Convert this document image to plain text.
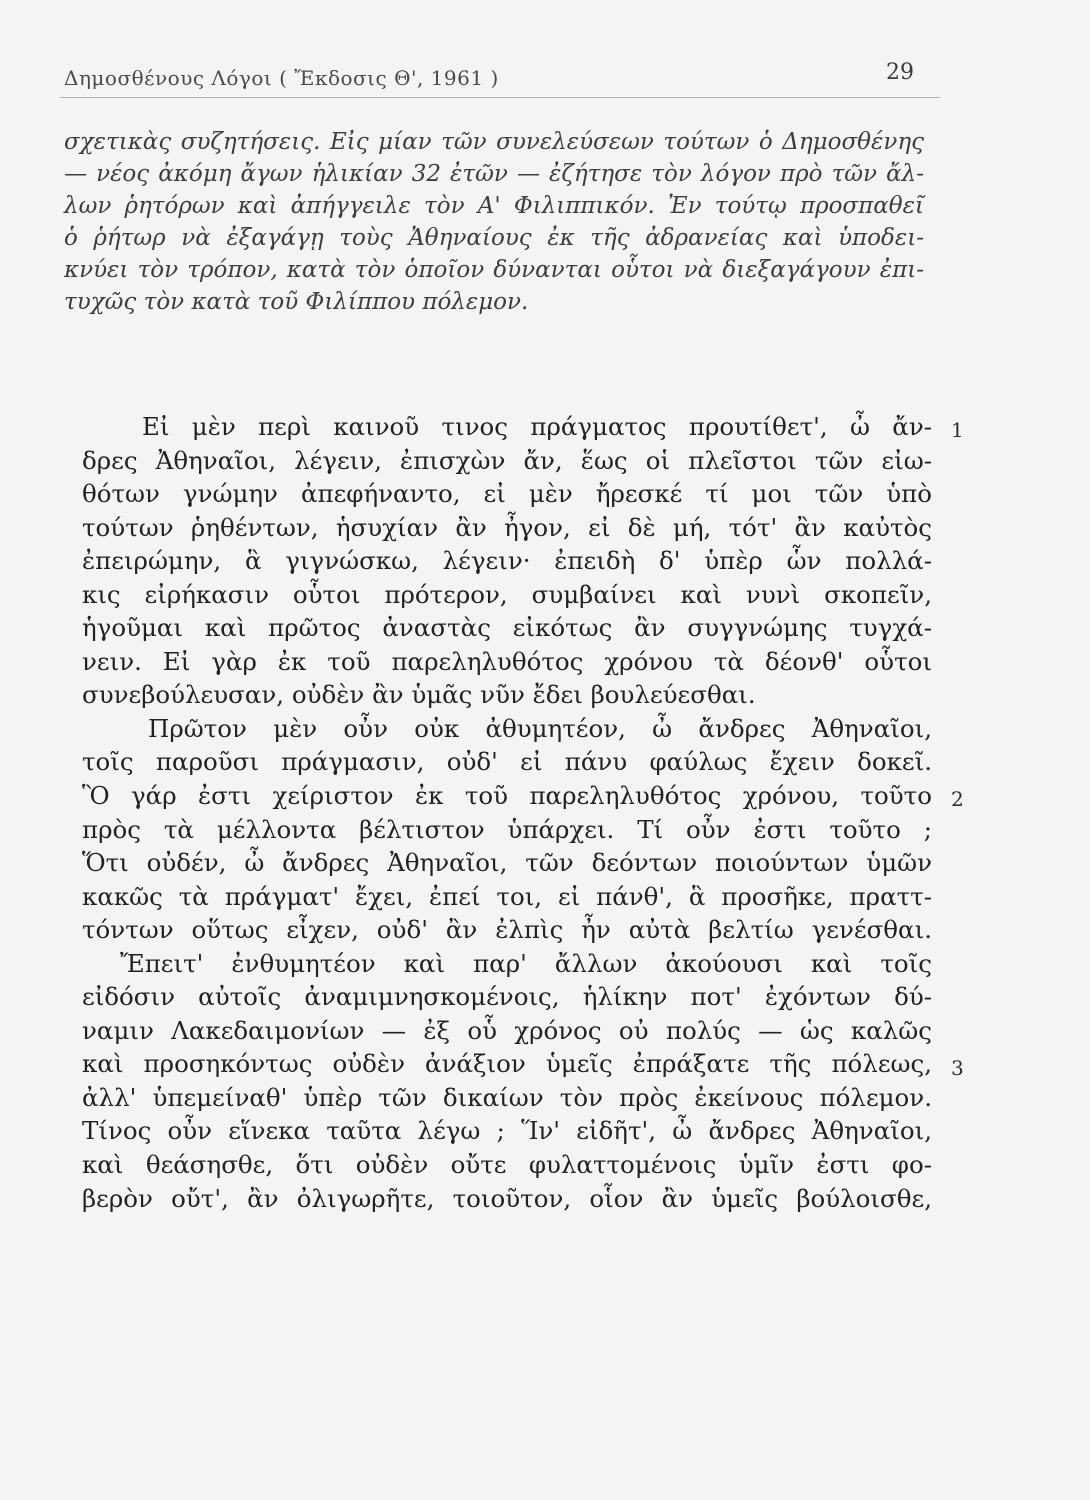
Δημοσθένους Λόγοι ( Ἔκδοσις Θ', 1961 )	29
σχετικὰς συζητήσεις. Εἰς μίαν τῶν συνελεύσεων τούτων ὁ Δημοσθένης
— νέος ἀκόμη ἄγων ἡλικίαν 32 ἐτῶν — ἐζήτησε τὸν λόγον πρὸ τῶν ἄλ-
λων ῥητόρων καὶ ἀπήγγειλε τὸν Α' Φιλιππικόν. Ἐν τούτῳ προσπαθεῖ
ὁ ῥήτωρ νὰ ἐξαγάγῃ τοὺς Ἀθηναίους ἐκ τῆς ἀδρανείας καὶ ὑποδει-
κνύει τὸν τρόπον, κατὰ τὸν ὁποῖον δύνανται οὗτοι νὰ διεξαγάγουν ἐπι-
τυχῶς τὸν κατὰ τοῦ Φιλίππου πόλεμον.
Εἰ μὲν περὶ καινοῦ τινος πράγματος προυτίθετ', ὦ ἄν-
δρες Ἀθηναῖοι, λέγειν, ἐπισχὼν ἄν, ἕως οἱ πλεῖστοι τῶν εἰω-
θότων γνώμην ἀπεφήναντο, εἰ μὲν ἤρεσκέ τί μοι τῶν ὑπὸ
τούτων ῥηθέντων, ἡσυχίαν ἂν ἦγον, εἰ δὲ μή, τότ' ἂν καὐτὸς
ἐπειρώμην, ἃ γιγνώσκω, λέγειν· ἐπειδὴ δ' ὑπὲρ ὧν πολλά-
κις εἰρήκασιν οὗτοι πρότερον, συμβαίνει καὶ νυνὶ σκοπεῖν,
ἡγοῦμαι καὶ πρῶτος ἀναστὰς εἰκότως ἂν συγγνώμης τυγχά-
νειν. Εἰ γὰρ ἐκ τοῦ παρεληλυθότος χρόνου τὰ δέονθ' οὗτοι
συνεβούλευσαν, οὐδὲν ἂν ὑμᾶς νῦν ἔδει βουλεύεσθαι.
Πρῶτον μὲν οὖν οὐκ ἀθυμητέον, ὦ ἄνδρες Ἀθηναῖοι,
τοῖς παροῦσι πράγμασιν, οὐδ' εἰ πάνυ φαύλως ἔχειν δοκεῖ.
Ὃ γάρ ἐστι χείριστον ἐκ τοῦ παρεληλυθότος χρόνου, τοῦτο
πρὸς τὰ μέλλοντα βέλτιστον ὑπάρχει. Τί οὖν ἐστι τοῦτο ;
Ὅτι οὐδέν, ὦ ἄνδρες Ἀθηναῖοι, τῶν δεόντων ποιούντων ὑμῶν
κακῶς τὰ πράγματ' ἔχει, ἐπεί τοι, εἰ πάνθ', ἃ προσῆκε, πραττ-
τόντων οὕτως εἶχεν, οὐδ' ἂν ἐλπὶς ἦν αὐτὰ βελτίω γενέσθαι.
Ἔπειτ' ἐνθυμητέον καὶ παρ' ἄλλων ἀκούουσι καὶ τοῖς
εἰδόσιν αὐτοῖς ἀναμιμνησκομένοις, ἡλίκην ποτ' ἐχόντων δύ-
ναμιν Λακεδαιμονίων — ἐξ οὗ χρόνος οὐ πολύς — ὡς καλῶς
καὶ προσηκόντως οὐδὲν ἀνάξιον ὑμεῖς ἐπράξατε τῆς πόλεως,
ἀλλ' ὑπεμείναθ' ὑπὲρ τῶν δικαίων τὸν πρὸς ἐκείνους πόλεμον.
Τίνος οὖν εἵνεκα ταῦτα λέγω ; Ἵν' εἰδῆτ', ὦ ἄνδρες Ἀθηναῖοι,
καὶ θεάσησθε, ὅτι οὐδὲν οὔτε φυλαττομένοις ὑμῖν ἐστι φο-
βερὸν οὔτ', ἂν ὀλιγωρῆτε, τοιοῦτον, οἷον ἂν ὑμεῖς βούλοισθε,
1
2
3
